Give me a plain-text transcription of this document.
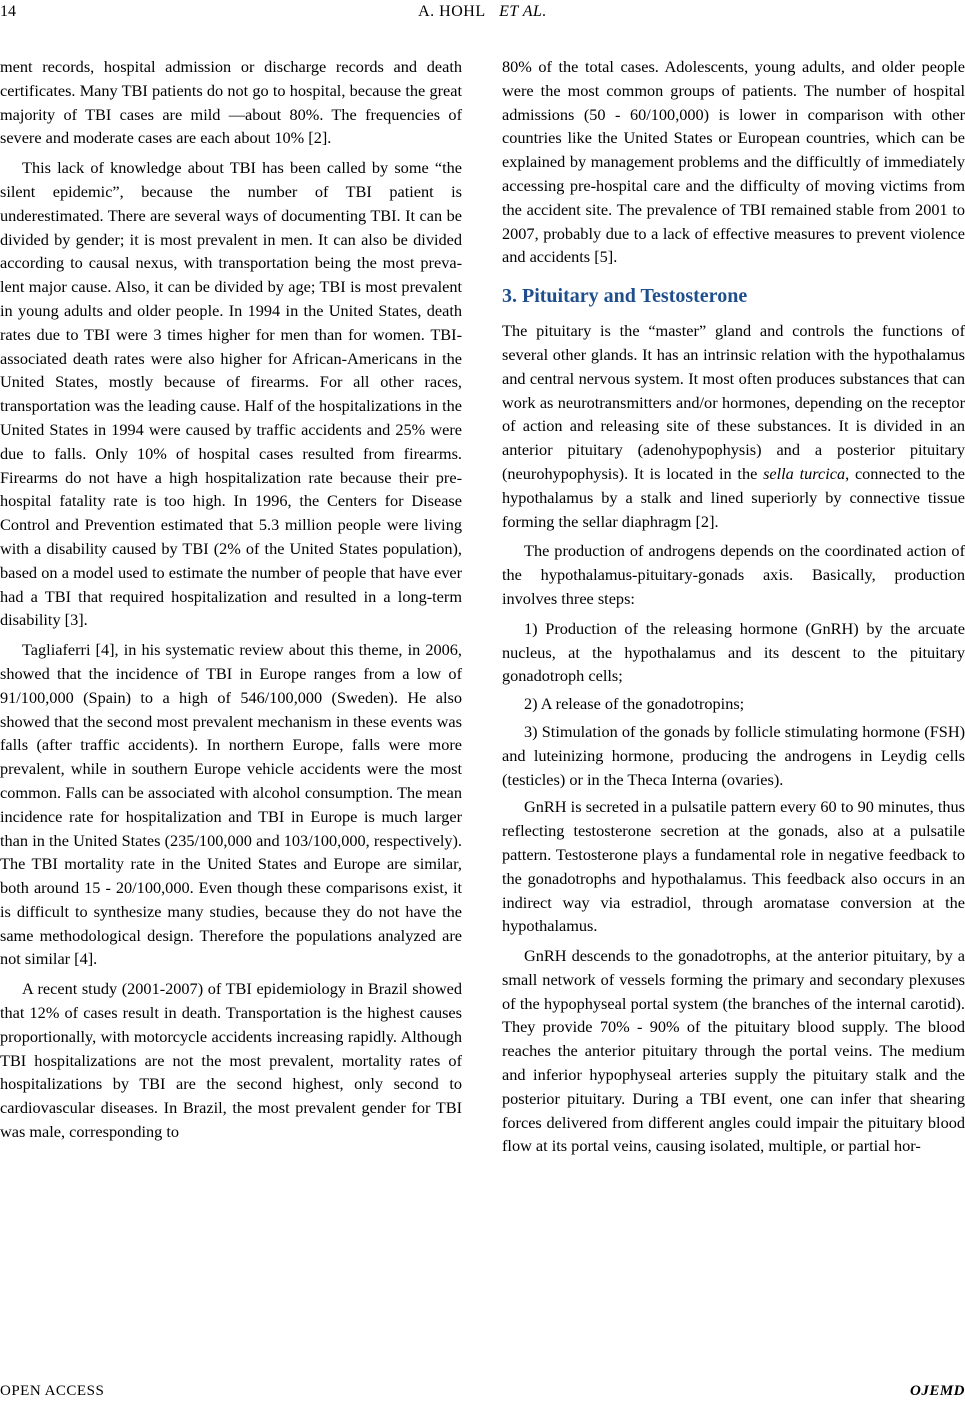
14	A. HOHL ET AL.

ment records, hospital admission or discharge records and death certificates. Many TBI patients do not go to hospital, because the great majority of TBI cases are mild —about 80%. The frequencies of severe and moderate cases are each about 10% [2].

This lack of knowledge about TBI has been called by some “the silent epidemic”, because the number of TBI patient is underestimated. There are several ways of documenting TBI. It can be divided by gender; it is most prevalent in men. It can also be divided according to causal nexus, with transportation being the most prevalent major cause. Also, it can be divided by age; TBI is most prevalent in young adults and older people. In 1994 in the United States, death rates due to TBI were 3 times higher for men than for women. TBI-associated death rates were also higher for African-Americans in the United States, mostly because of firearms. For all other races, transportation was the leading cause. Half of the hospitalizations in the United States in 1994 were caused by traffic accidents and 25% were due to falls. Only 10% of hospital cases resulted from firearms. Firearms do not have a high hospitalization rate because their pre-hospital fatality rate is too high. In 1996, the Centers for Disease Control and Prevention estimated that 5.3 million people were living with a disability caused by TBI (2% of the United States population), based on a model used to estimate the number of people that have ever had a TBI that required hospitalization and resulted in a long-term disability [3].

Tagliaferri [4], in his systematic review about this theme, in 2006, showed that the incidence of TBI in Europe ranges from a low of 91/100,000 (Spain) to a high of 546/100,000 (Sweden). He also showed that the second most prevalent mechanism in these events was falls (after traffic accidents). In northern Europe, falls were more prevalent, while in southern Europe vehicle accidents were the most common. Falls can be associated with alcohol consumption. The mean incidence rate for hospitalization and TBI in Europe is much larger than in the United States (235/100,000 and 103/100,000, respectively). The TBI mortality rate in the United States and Europe are similar, both around 15 - 20/100,000. Even though these comparisons exist, it is difficult to synthesize many studies, because they do not have the same methodological design. Therefore the populations analyzed are not similar [4].

A recent study (2001-2007) of TBI epidemiology in Brazil showed that 12% of cases result in death. Transportation is the highest causes proportionally, with motorcycle accidents increasing rapidly. Although TBI hospitalizations are not the most prevalent, mortality rates of hospitalizations by TBI are the second highest, only second to cardiovascular diseases. In Brazil, the most prevalent gender for TBI was male, corresponding to

80% of the total cases. Adolescents, young adults, and older people were the most common groups of patients. The number of hospital admissions (50 - 60/100,000) is lower in comparison with other countries like the United States or European countries, which can be explained by management problems and the difficultly of immediately accessing pre-hospital care and the difficulty of moving victims from the accident site. The prevalence of TBI remained stable from 2001 to 2007, probably due to a lack of effective measures to prevent violence and accidents [5].

3. Pituitary and Testosterone

The pituitary is the “master” gland and controls the functions of several other glands. It has an intrinsic relation with the hypothalamus and central nervous system. It most often produces substances that can work as neurotransmitters and/or hormones, depending on the receptor of action and releasing site of these substances. It is divided in an anterior pituitary (adenohypophysis) and a posterior pituitary (neurohypophysis). It is located in the sella turcica, connected to the hypothalamus by a stalk and lined superiorly by connective tissue forming the sellar diaphragm [2].

The production of androgens depends on the coordinated action of the hypothalamus-pituitary-gonads axis. Basically, production involves three steps:

1) Production of the releasing hormone (GnRH) by the arcuate nucleus, at the hypothalamus and its descent to the pituitary gonadotroph cells;

2) A release of the gonadotropins;

3) Stimulation of the gonads by follicle stimulating hormone (FSH) and luteinizing hormone, producing the androgens in Leydig cells (testicles) or in the Theca Interna (ovaries).

GnRH is secreted in a pulsatile pattern every 60 to 90 minutes, thus reflecting testosterone secretion at the gonads, also at a pulsatile pattern. Testosterone plays a fundamental role in negative feedback to the gonadotrophs and hypothalamus. This feedback also occurs in an indirect way via estradiol, through aromatase conversion at the hypothalamus.

GnRH descends to the gonadotrophs, at the anterior pituitary, by a small network of vessels forming the primary and secondary plexuses of the hypophyseal portal system (the branches of the internal carotid). They provide 70% - 90% of the pituitary blood supply. The blood reaches the anterior pituitary through the portal veins. The medium and inferior hypophyseal arteries supply the pituitary stalk and the posterior pituitary. During a TBI event, one can infer that shearing forces delivered from different angles could impair the pituitary blood flow at its portal veins, causing isolated, multiple, or partial hor-

OPEN ACCESS	OJEMD
